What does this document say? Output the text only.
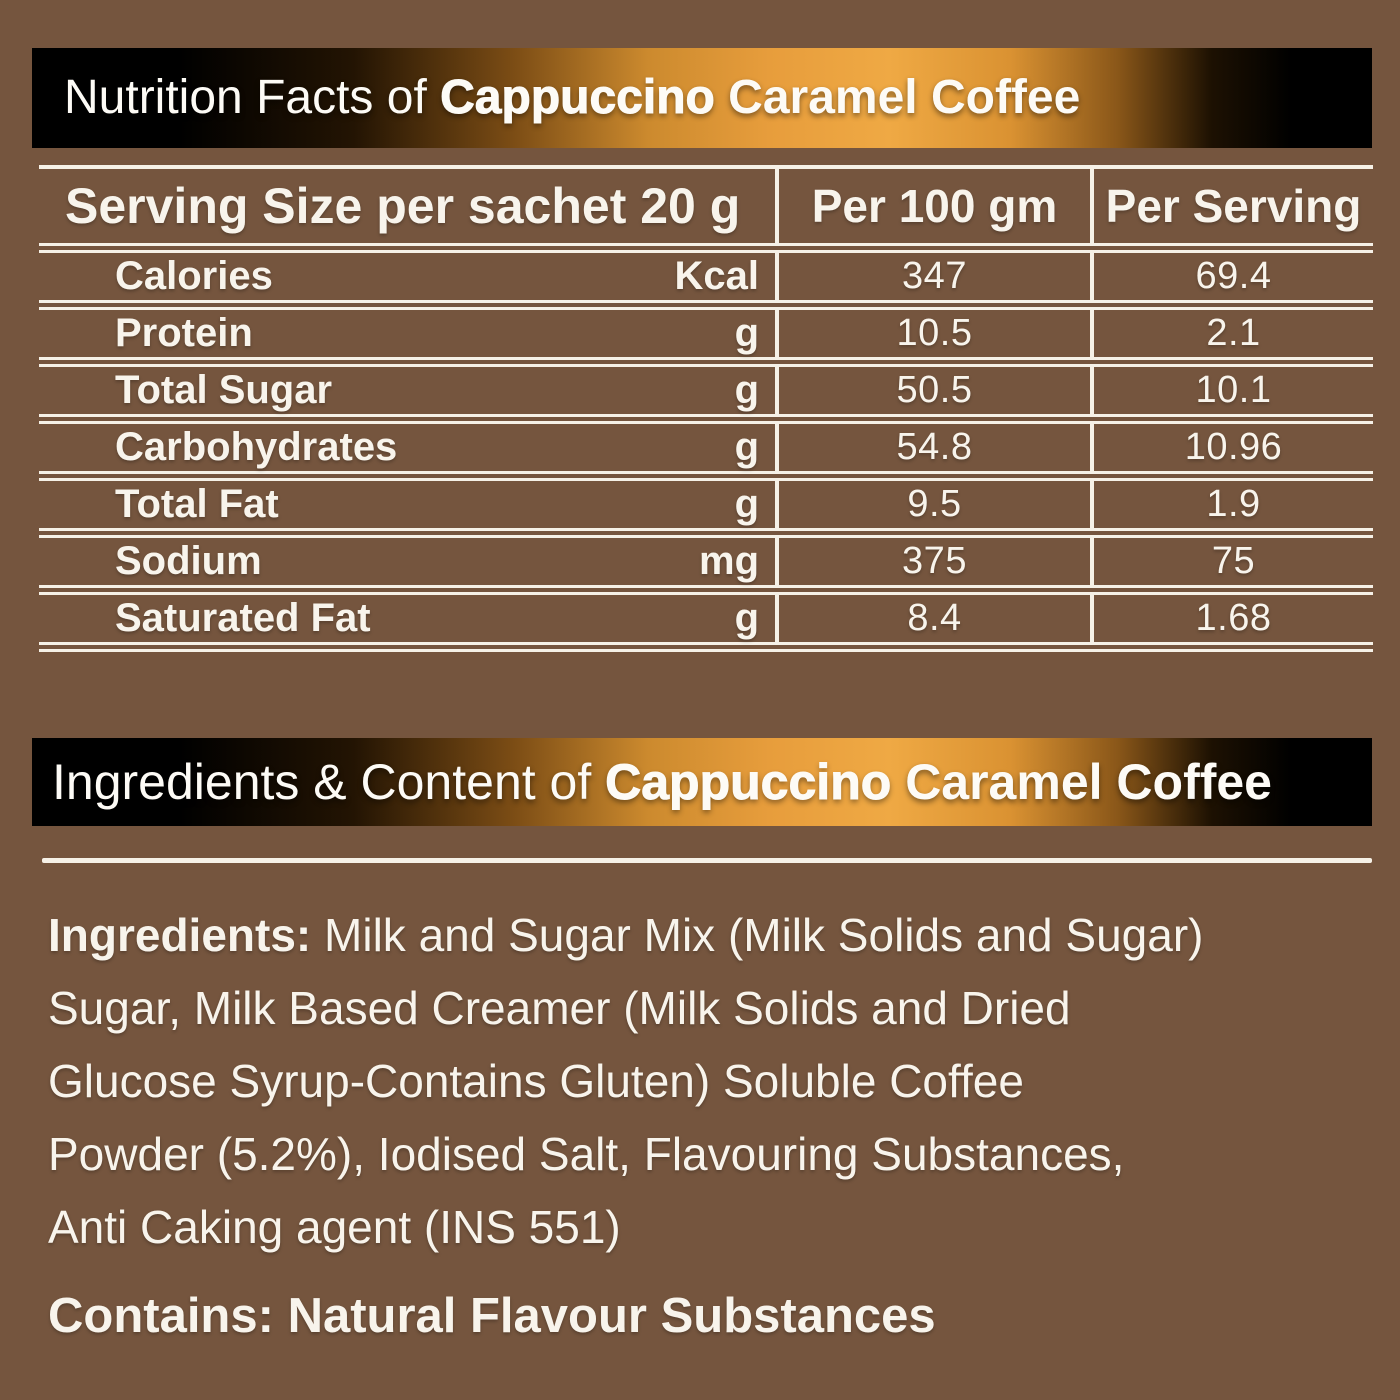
Nutrition Facts of Cappuccino Caramel Coffee
Serving Size per sachet 20 g	Per 100 gm	Per Serving
Calories	Kcal	347	69.4
Protein	g	10.5	2.1
Total Sugar	g	50.5	10.1
Carbohydrates	g	54.8	10.96
Total Fat	g	9.5	1.9
Sodium	mg	375	75
Saturated Fat	g	8.4	1.68
Ingredients & Content of Cappuccino Caramel Coffee
Ingredients: Milk and Sugar Mix (Milk Solids and Sugar)
Sugar, Milk Based Creamer (Milk Solids and Dried
Glucose Syrup-Contains Gluten) Soluble Coffee
Powder (5.2%), Iodised Salt, Flavouring Substances,
Anti Caking agent (INS 551)
Contains: Natural Flavour Substances
